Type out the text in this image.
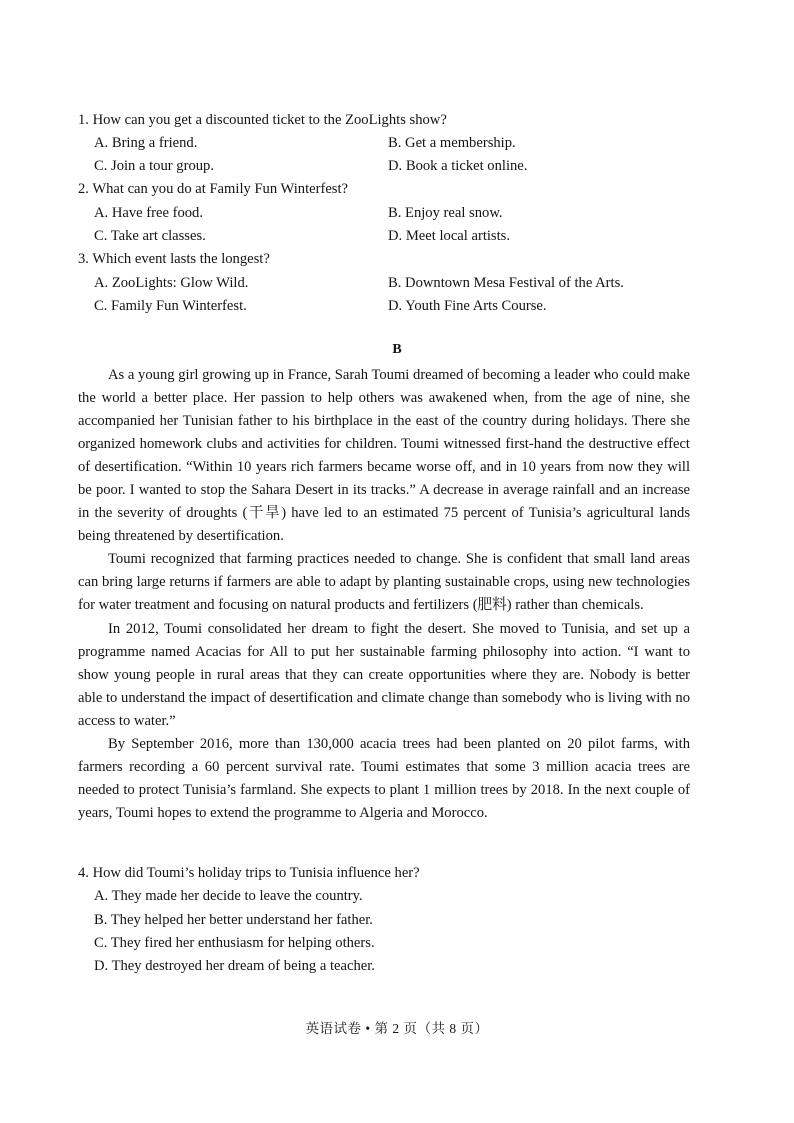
1. How can you get a discounted ticket to the ZooLights show?
A. Bring a friend.	B. Get a membership.
C. Join a tour group.	D. Book a ticket online.
2. What can you do at Family Fun Winterfest?
A. Have free food.	B. Enjoy real snow.
C. Take art classes.	D. Meet local artists.
3. Which event lasts the longest?
A. ZooLights: Glow Wild.	B. Downtown Mesa Festival of the Arts.
C. Family Fun Winterfest.	D. Youth Fine Arts Course.
B

As a young girl growing up in France, Sarah Toumi dreamed of becoming a leader who could make the world a better place. Her passion to help others was awakened when, from the age of nine, she accompanied her Tunisian father to his birthplace in the east of the country during holidays. There she organized homework clubs and activities for children. Toumi witnessed first-hand the destructive effect of desertification. “Within 10 years rich farmers became worse off, and in 10 years from now they will be poor. I wanted to stop the Sahara Desert in its tracks.” A decrease in average rainfall and an increase in the severity of droughts (干旱) have led to an estimated 75 percent of Tunisia’s agricultural lands being threatened by desertification.

Toumi recognized that farming practices needed to change. She is confident that small land areas can bring large returns if farmers are able to adapt by planting sustainable crops, using new technologies for water treatment and focusing on natural products and fertilizers (肥料) rather than chemicals.

In 2012, Toumi consolidated her dream to fight the desert. She moved to Tunisia, and set up a programme named Acacias for All to put her sustainable farming philosophy into action. “I want to show young people in rural areas that they can create opportunities where they are. Nobody is better able to understand the impact of desertification and climate change than somebody who is living with no access to water.”

By September 2016, more than 130,000 acacia trees had been planted on 20 pilot farms, with farmers recording a 60 percent survival rate. Toumi estimates that some 3 million acacia trees are needed to protect Tunisia’s farmland. She expects to plant 1 million trees by 2018. In the next couple of years, Toumi hopes to extend the programme to Algeria and Morocco.

4. How did Toumi’s holiday trips to Tunisia influence her?
A. They made her decide to leave the country.
B. They helped her better understand her father.
C. They fired her enthusiasm for helping others.
D. They destroyed her dream of being a teacher.
英语试卷 • 第 2 页（共 8 页）
